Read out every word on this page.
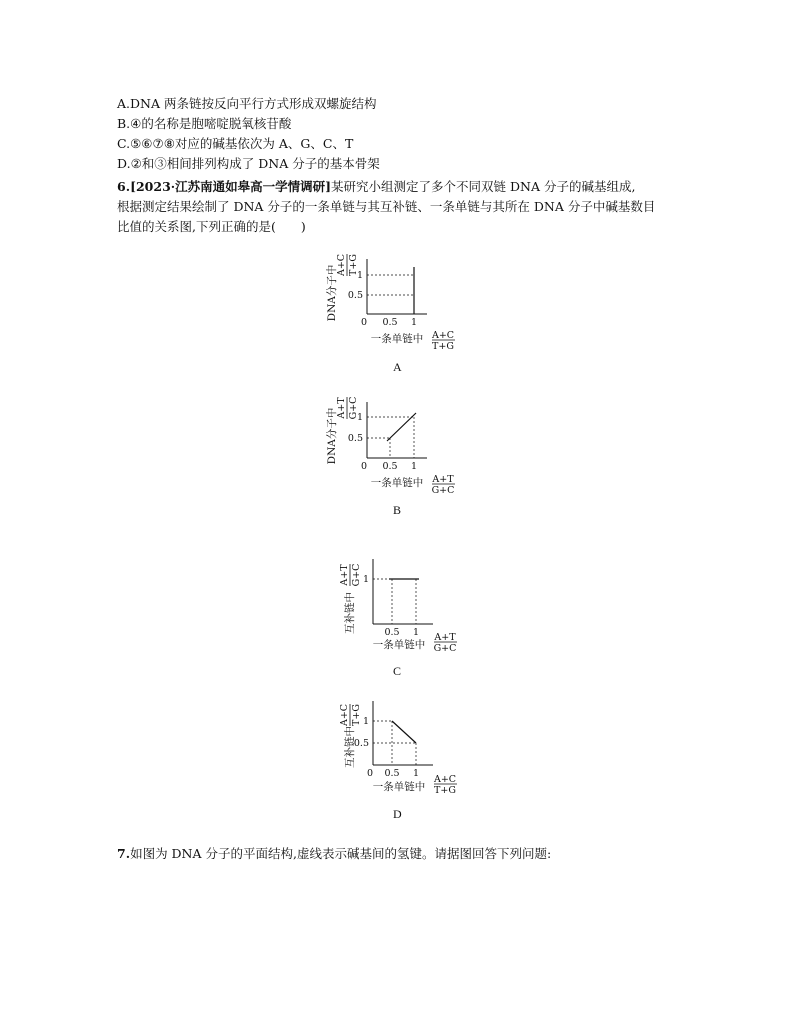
A.DNA 两条链按反向平行方式形成双螺旋结构
B.④的名称是胞嘧啶脱氧核苷酸
C.⑤⑥⑦⑧对应的碱基依次为 A、G、C、T
D.②和③相间排列构成了 DNA 分子的基本骨架
6.[2023·江苏南通如皋高一学情调研]某研究小组测定了多个不同双链 DNA 分子的碱基组成,
根据测定结果绘制了 DNA 分子的一条单链与其互补链、一条单链与其所在 DNA 分子中碱基数目
比值的关系图,下列正确的是(　　)
DNA分子中
A+C T+G
1
0.5
0 0.5 1
一条单链中 A+C
T+G
A
DNA分子中
A+T G+C
1
0.5
0 0.5 1
一条单链中 A+T
G+C
B
互补链中
A+T G+C 1
0.5 1
一条单链中
A+T
G+C
C
互补链中
A+C T+G 1
0.5
0 0.5 1
一条单链中
A+C
T+G
D
7.如图为 DNA 分子的平面结构,虚线表示碱基间的氢键。请据图回答下列问题:
